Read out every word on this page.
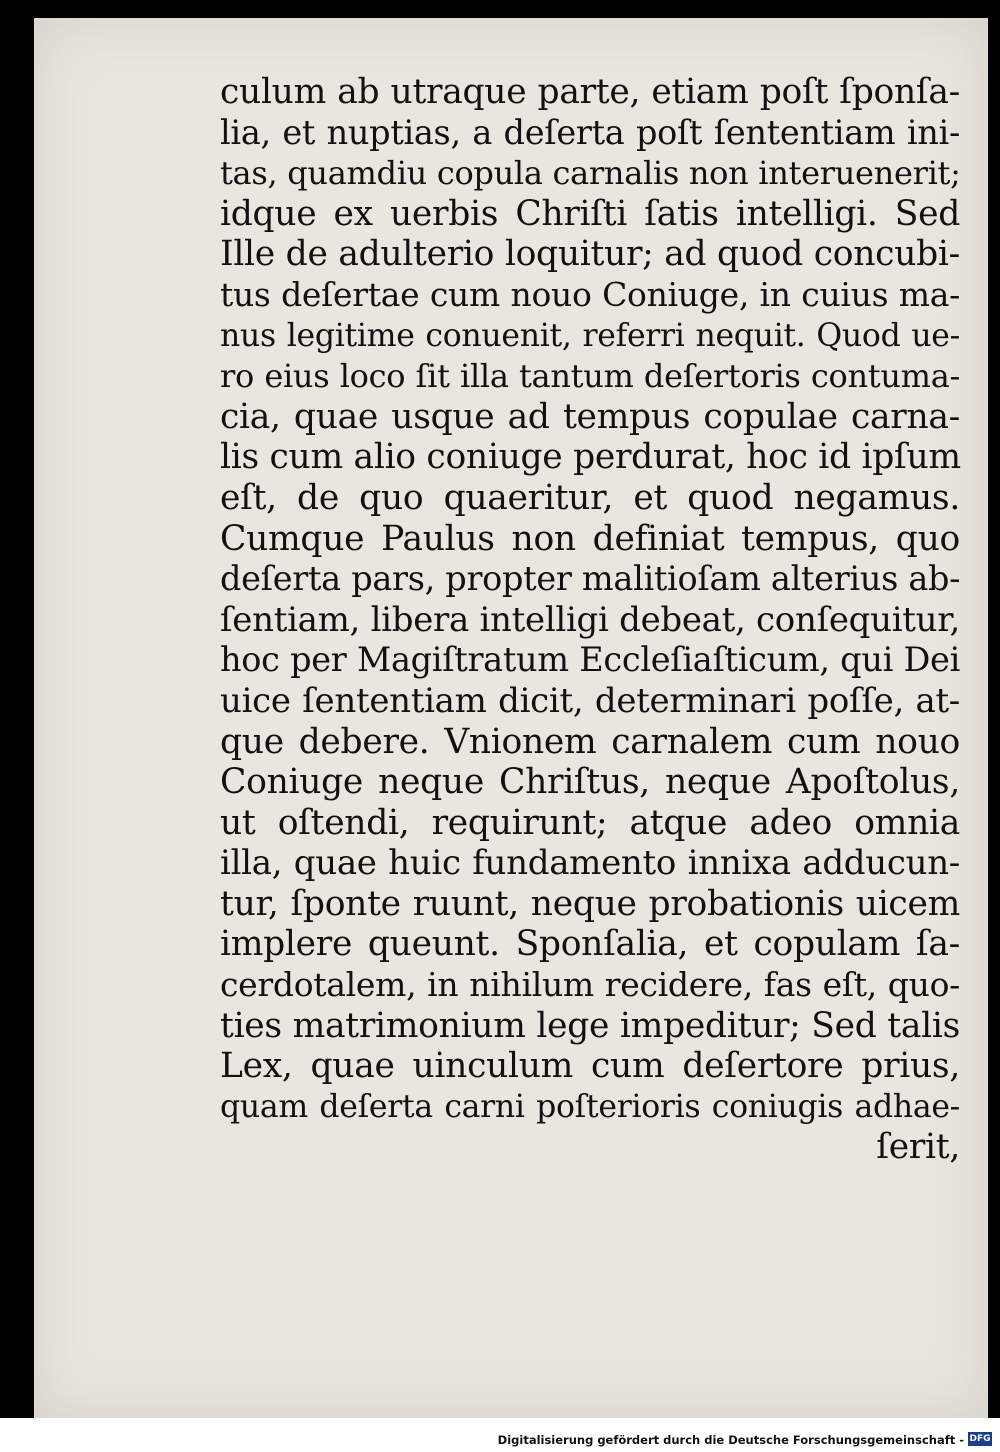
culum ab utraque parte, etiam poſt ſponſa-
lia, et nuptias, a deſerta poſt ſententiam ini-
tas, quamdiu copula carnalis non interuenerit;
idque ex uerbis Chriſti ſatis intelligi. Sed
Ille de adulterio loquitur; ad quod concubi-
tus deſertae cum nouo Coniuge, in cuius ma-
nus legitime conuenit, referri nequit. Quod ue-
ro eius loco ſit illa tantum deſertoris contuma-
cia, quae usque ad tempus copulae carna-
lis cum alio coniuge perdurat, hoc id ipſum
eſt, de quo quaeritur, et quod negamus.
Cumque Paulus non definiat tempus, quo
deſerta pars, propter malitioſam alterius ab-
ſentiam, libera intelligi debeat, conſequitur,
hoc per Magiſtratum Eccleſiaſticum, qui Dei
uice ſententiam dicit, determinari poſſe, at-
que debere. Vnionem carnalem cum nouo
Coniuge neque Chriſtus, neque Apoſtolus,
ut oſtendi, requirunt; atque adeo omnia
illa, quae huic fundamento innixa adducun-
tur, ſponte ruunt, neque probationis uicem
implere queunt. Sponſalia, et copulam ſa-
cerdotalem, in nihilum recidere, fas eſt, quo-
ties matrimonium lege impeditur; Sed talis
Lex, quae uinculum cum deſertore prius,
quam deſerta carni poſterioris coniugis adhae-
ſerit,
Digitalisierung gefördert durch die Deutsche Forschungsgemeinschaft - DFG
